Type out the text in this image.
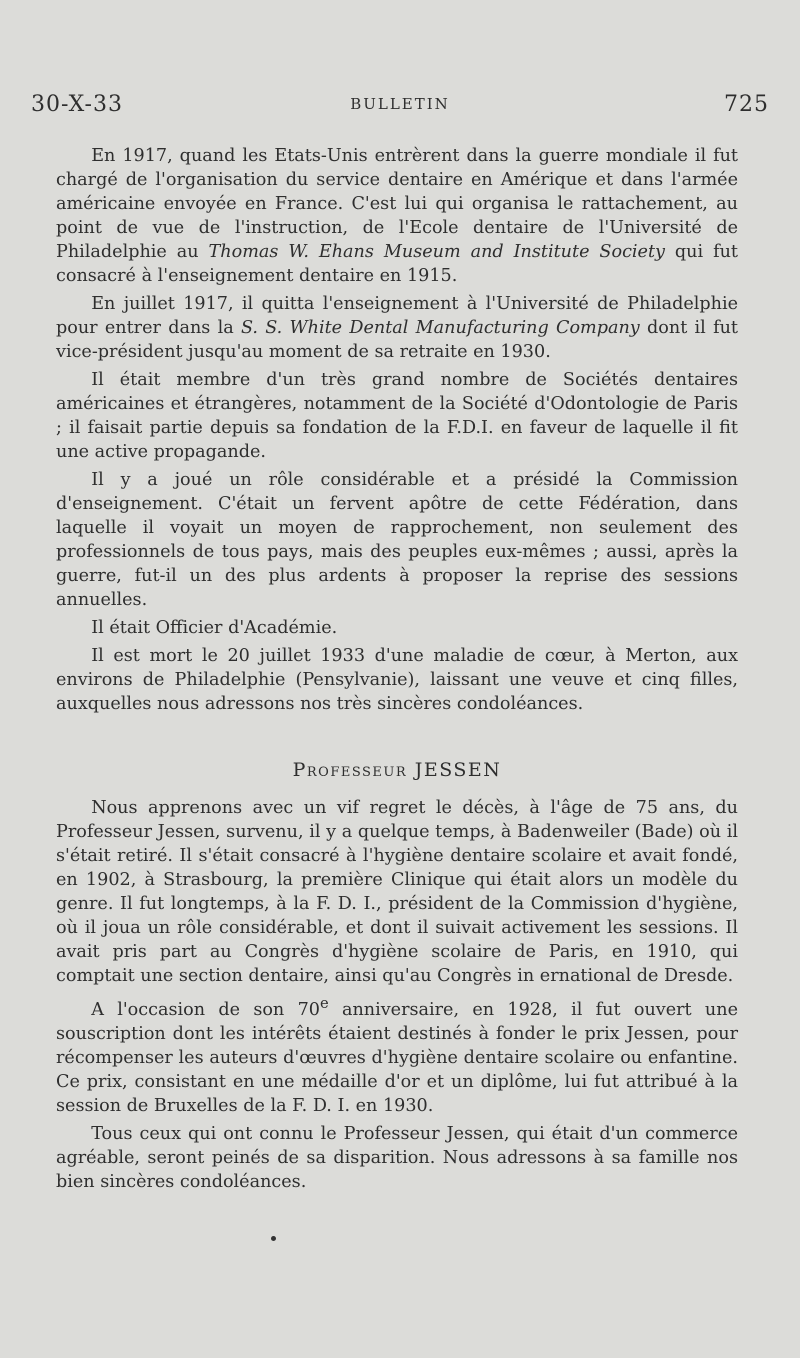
30-X-33	BULLETIN	725

En 1917, quand les Etats-Unis entrèrent dans la guerre mondiale il fut chargé de l'organisation du service dentaire en Amérique et dans l'armée américaine envoyée en France. C'est lui qui organisa le rattachement, au point de vue de l'instruction, de l'Ecole dentaire de l'Université de Philadelphie au Thomas W. Ehans Museum and Institute Society qui fut consacré à l'enseignement dentaire en 1915.

En juillet 1917, il quitta l'enseignement à l'Université de Philadelphie pour entrer dans la S. S. White Dental Manufacturing Company dont il fut vice-président jusqu'au moment de sa retraite en 1930.

Il était membre d'un très grand nombre de Sociétés dentaires américaines et étrangères, notamment de la Société d'Odontologie de Paris ; il faisait partie depuis sa fondation de la F.D.I. en faveur de laquelle il fit une active propagande.

Il y a joué un rôle considérable et a présidé la Commission d'enseignement. C'était un fervent apôtre de cette Fédération, dans laquelle il voyait un moyen de rapprochement, non seulement des professionnels de tous pays, mais des peuples eux-mêmes ; aussi, après la guerre, fut-il un des plus ardents à proposer la reprise des sessions annuelles.

Il était Officier d'Académie.

Il est mort le 20 juillet 1933 d'une maladie de cœur, à Merton, aux environs de Philadelphie (Pensylvanie), laissant une veuve et cinq filles, auxquelles nous adressons nos très sincères condoléances.

Professeur JESSEN

Nous apprenons avec un vif regret le décès, à l'âge de 75 ans, du Professeur Jessen, survenu, il y a quelque temps, à Badenweiler (Bade) où il s'était retiré. Il s'était consacré à l'hygiène dentaire scolaire et avait fondé, en 1902, à Strasbourg, la première Clinique qui était alors un modèle du genre. Il fut longtemps, à la F. D. I., président de la Commission d'hygiène, où il joua un rôle considérable, et dont il suivait activement les sessions. Il avait pris part au Congrès d'hygiène scolaire de Paris, en 1910, qui comptait une section dentaire, ainsi qu'au Congrès in ernational de Dresde.

A l'occasion de son 70e anniversaire, en 1928, il fut ouvert une souscription dont les intérêts étaient destinés à fonder le prix Jessen, pour récompenser les auteurs d'œuvres d'hygiène dentaire scolaire ou enfantine. Ce prix, consistant en une médaille d'or et un diplôme, lui fut attribué à la session de Bruxelles de la F. D. I. en 1930.

Tous ceux qui ont connu le Professeur Jessen, qui était d'un commerce agréable, seront peinés de sa disparition. Nous adressons à sa famille nos bien sincères condoléances.
